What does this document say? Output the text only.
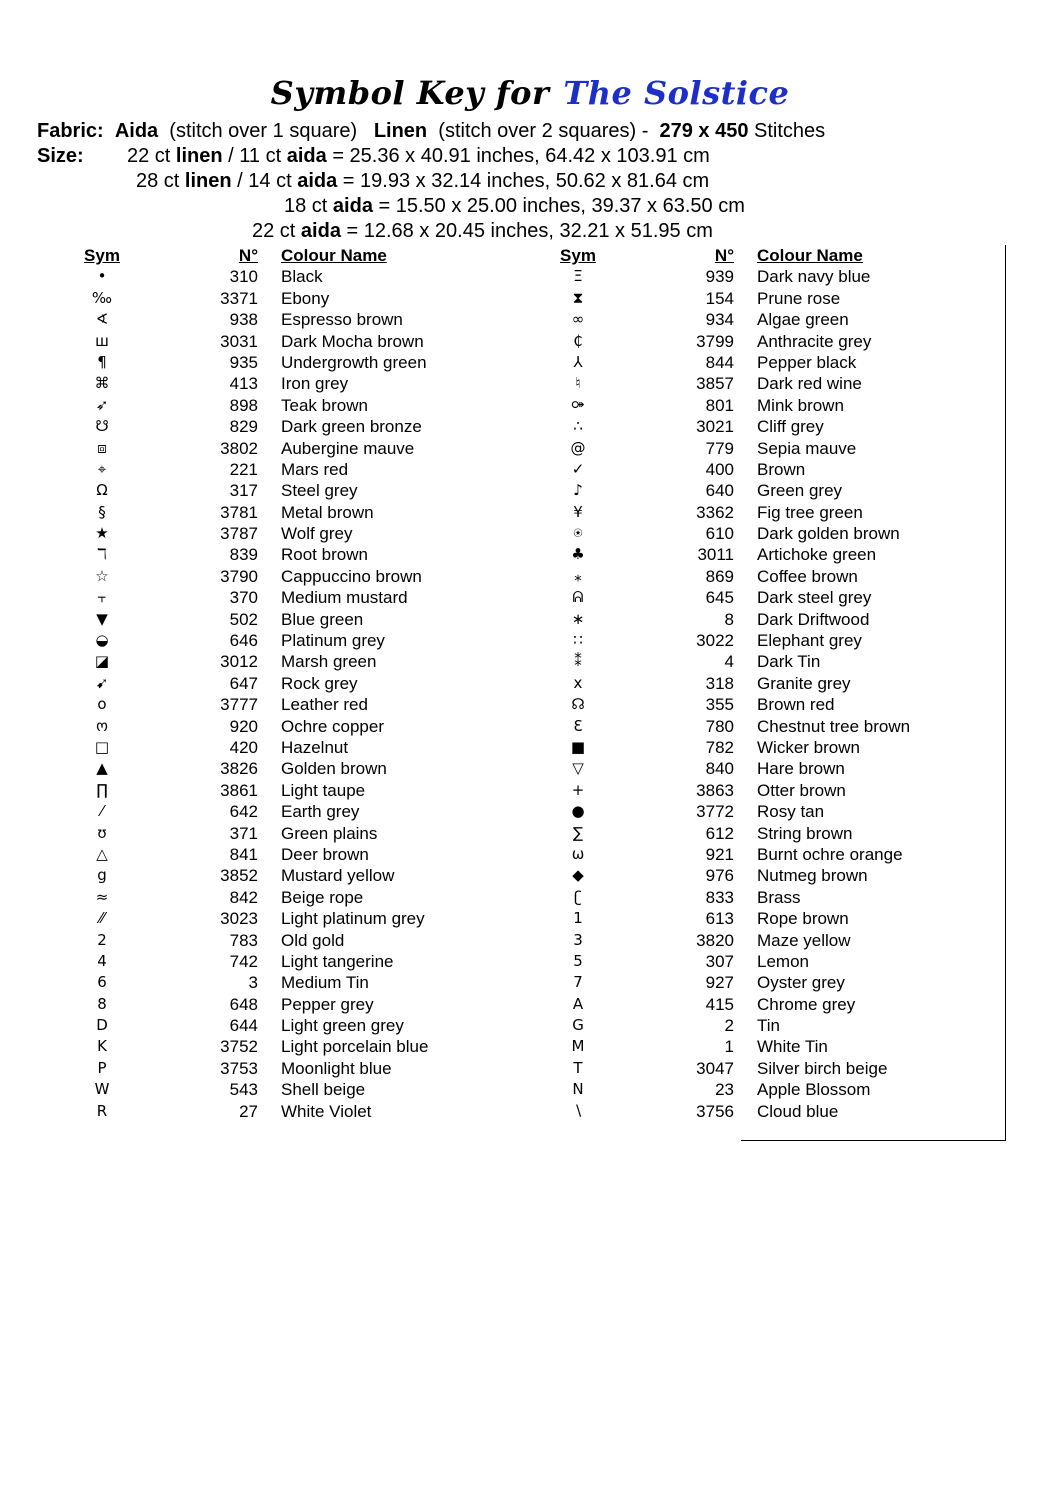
Symbol Key for The Solstice
Fabric: Aida (stitch over 1 square) Linen (stitch over 2 squares) - 279 x 450 Stitches
Size: 22 ct linen / 11 ct aida = 25.36 x 40.91 inches, 64.42 x 103.91 cm
28 ct linen / 14 ct aida = 19.93 x 32.14 inches, 50.62 x 81.64 cm
18 ct aida = 15.50 x 25.00 inches, 39.37 x 63.50 cm
22 ct aida = 12.68 x 20.45 inches, 32.21 x 51.95 cm
Sym	N° Colour Name
•	310 Black
‰	3371 Ebony
∢	938 Espresso brown
ш	3031 Dark Mocha brown
¶	935 Undergrowth green
⌘	413 Iron grey
➶	898 Teak brown
☋	829 Dark green bronze
⧈	3802 Aubergine mauve
⌖	221 Mars red
Ω	317 Steel grey
§	3781 Metal brown
★	3787 Wolf grey
ℸ	839 Root brown
☆	3790 Cappuccino brown
⫟	370 Medium mustard
▼	502 Blue green
◒	646 Platinum grey
◪	3012 Marsh green
➹	647 Rock grey
o	3777 Leather red
ო	920 Ochre copper
□	420 Hazelnut
▲	3826 Golden brown
∏	3861 Light taupe
⁄	642 Earth grey
ʊ	371 Green plains
△	841 Deer brown
g	3852 Mustard yellow
≈	842 Beige rope
⁄⁄	3023 Light platinum grey
2	783 Old gold
4	742 Light tangerine
6	3 Medium Tin
8	648 Pepper grey
D	644 Light green grey
K	3752 Light porcelain blue
P	3753 Moonlight blue
W	543 Shell beige
R	27 White Violet
Sym	N° Colour Name
Ξ	939 Dark navy blue
⧗	154 Prune rose
∞	934 Algae green
₵	3799 Anthracite grey
⅄	844 Pepper black
♮	3857 Dark red wine
⚩	801 Mink brown
∴	3021 Cliff grey
@	779 Sepia mauve
✓	400 Brown
♪	640 Green grey
¥	3362 Fig tree green
⍟	610 Dark golden brown
♣	3011 Artichoke green
⁎	869 Coffee brown
ᕱ	645 Dark steel grey
∗	8 Dark Driftwood
∷	3022 Elephant grey
⁑	4 Dark Tin
x	318 Granite grey
☊	355 Brown red
Ɛ	780 Chestnut tree brown
■	782 Wicker brown
▽	840 Hare brown
+	3863 Otter brown
●	3772 Rosy tan
∑	612 String brown
ω	921 Burnt ochre orange
◆	976 Nutmeg brown
ʗ	833 Brass
1	613 Rope brown
3	3820 Maze yellow
5	307 Lemon
7	927 Oyster grey
A	415 Chrome grey
G	2 Tin
M	1 White Tin
T	3047 Silver birch beige
N	23 Apple Blossom
∖	3756 Cloud blue
